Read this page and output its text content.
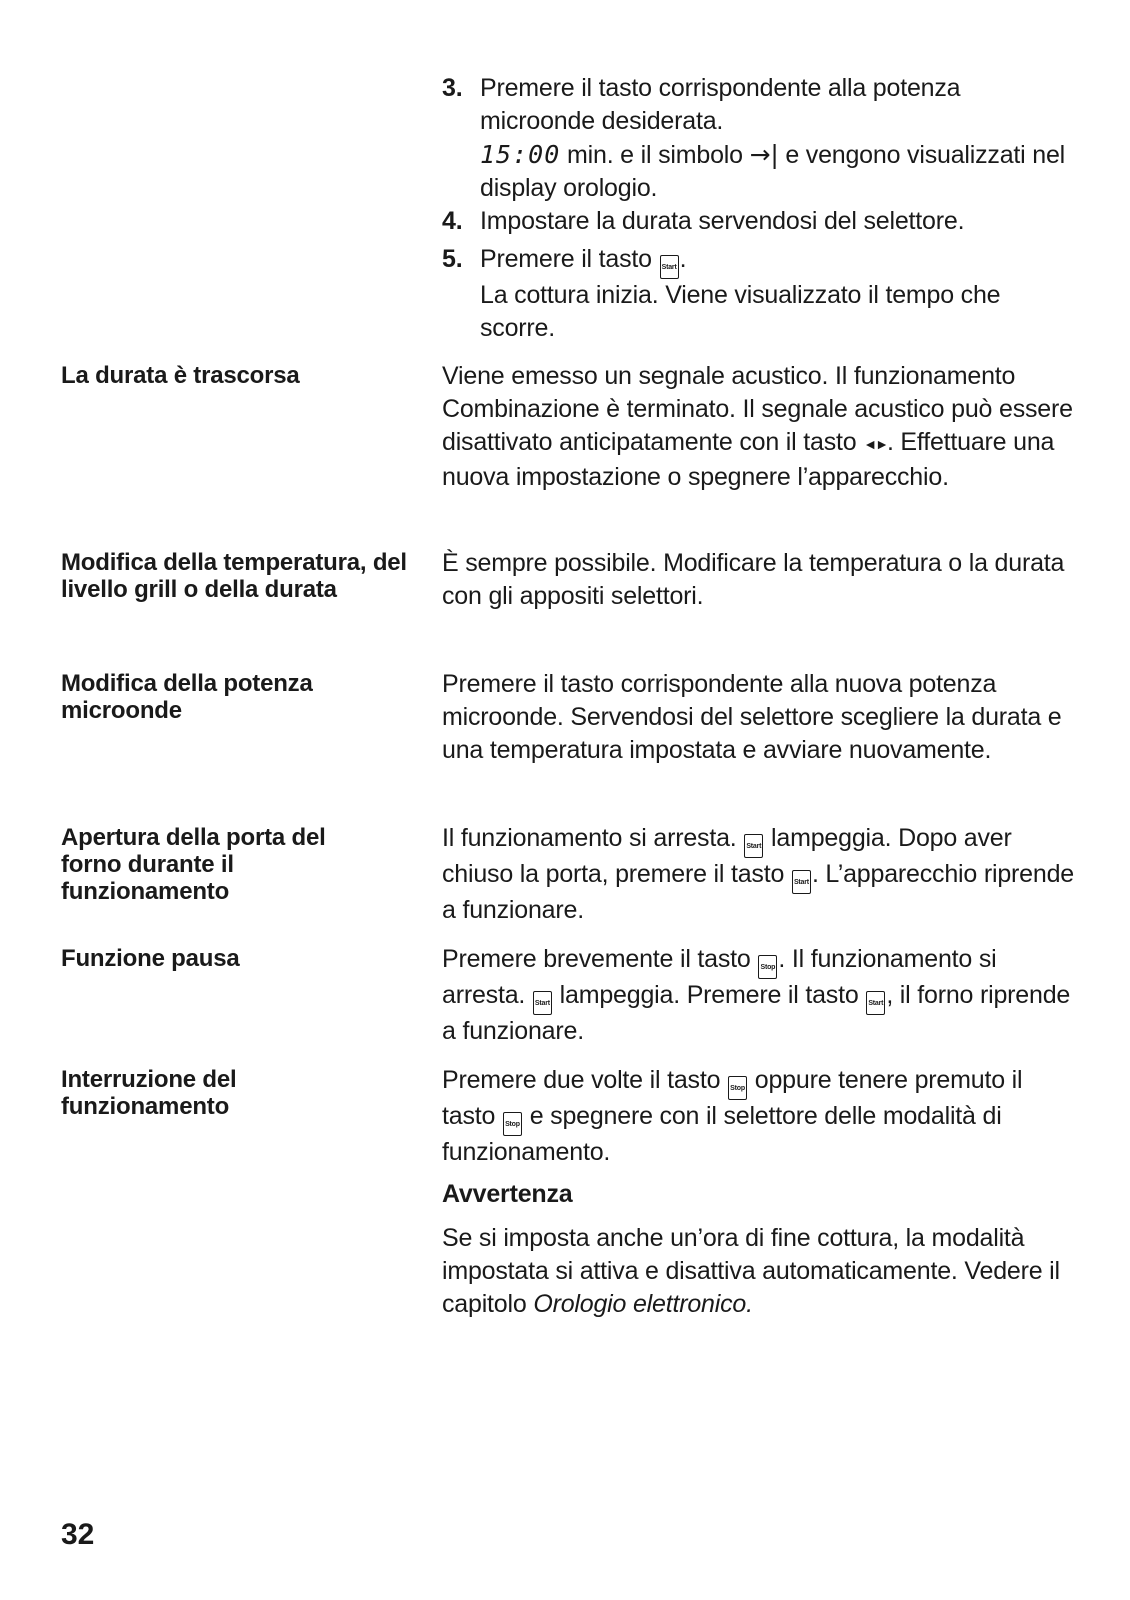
3. Premere il tasto corrispondente alla potenza microonde desiderata.
15:00 min. e il simbolo →| e vengono visualizzati nel display orologio.
4. Impostare la durata servendosi del selettore.
5. Premere il tasto Start .
La cottura inizia. Viene visualizzato il tempo che scorre.
La durata è trascorsa	Viene emesso un segnale acustico. Il funzionamento Combinazione è terminato. Il segnale acustico può essere disattivato anticipatamente con il tasto ◄►. Effettuare una nuova impostazione o spegnere l’apparecchio.
Modifica della temperatura, del livello grill o della durata
È sempre possibile. Modificare la temperatura o la durata con gli appositi selettori.
Modifica della potenza microonde
Premere il tasto corrispondente alla nuova potenza microonde. Servendosi del selettore scegliere la durata e una temperatura impostata e avviare nuovamente.
Apertura della porta del forno durante il funzionamento
Il funzionamento si arresta. Start lampeggia. Dopo aver chiuso la porta, premere il tasto Start . L’apparecchio riprende a funzionare.
Funzione pausa	Premere brevemente il tasto Stop . Il funzionamento si arresta. Start lampeggia. Premere il tasto Start , il forno riprende a funzionare.
Interruzione del funzionamento
Premere due volte il tasto Stop oppure tenere premuto il tasto Stop e spegnere con il selettore delle modalità di funzionamento.
Avvertenza
Se si imposta anche un’ora di fine cottura, la modalità impostata si attiva e disattiva automaticamente. Vedere il capitolo Orologio elettronico.
32
